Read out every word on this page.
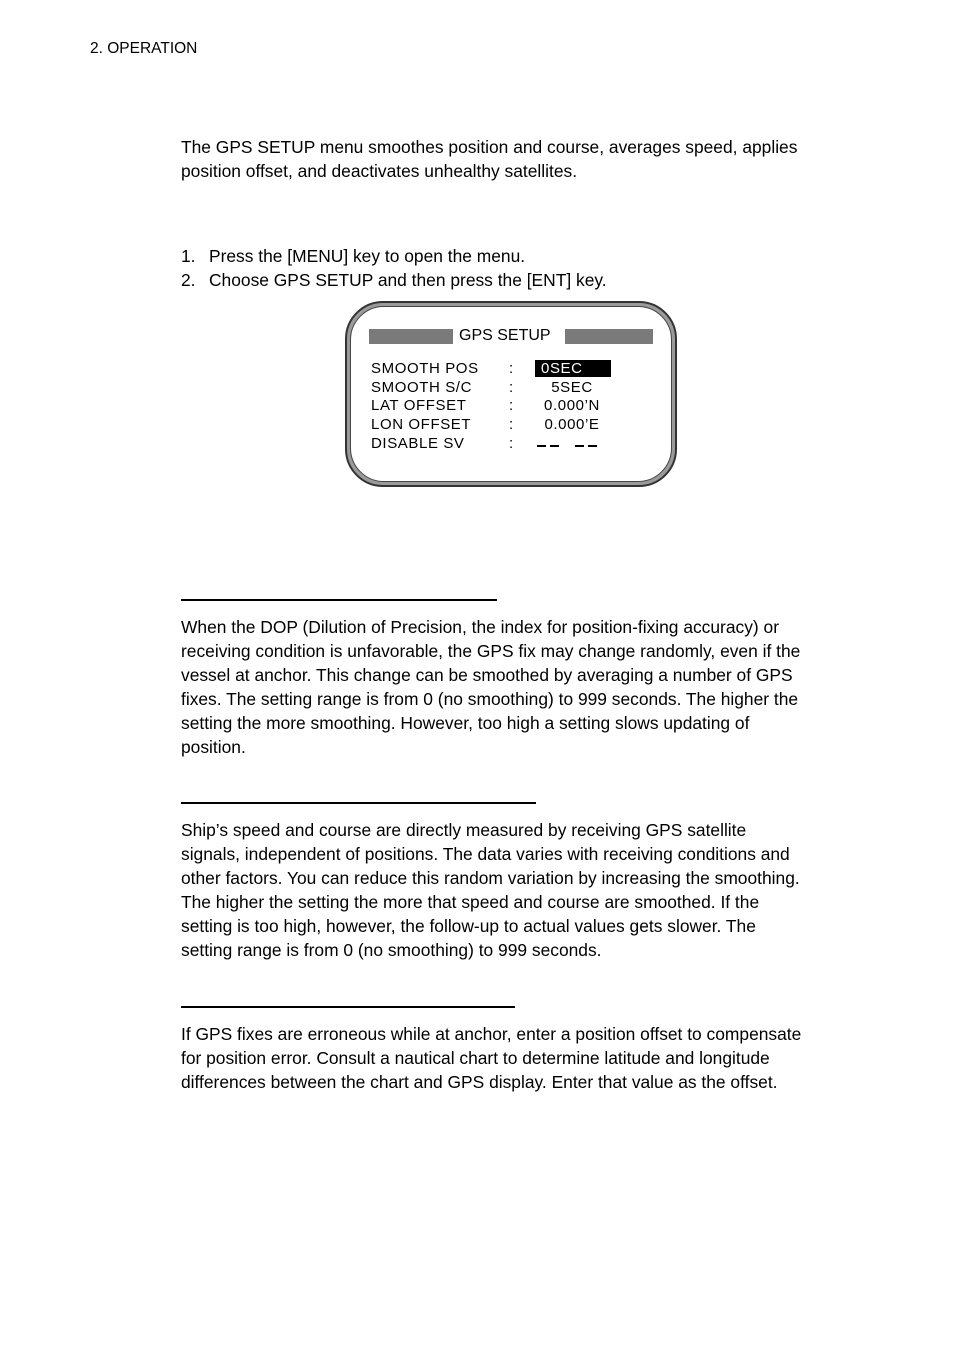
2. OPERATION

The GPS SETUP menu smoothes position and course, averages speed, applies
position offset, and deactivates unhealthy satellites.

1. Press the [MENU] key to open the menu.
2. Choose GPS SETUP and then press the [ENT] key.
GPS SETUP
SMOOTH POS	:	0SEC
SMOOTH S/C	:	5SEC
LAT OFFSET	:	0.000’N
LON OFFSET	:	0.000’E
DISABLE SV	:

When the DOP (Dilution of Precision, the index for position-fixing accuracy) or
receiving condition is unfavorable, the GPS fix may change randomly, even if the
vessel at anchor. This change can be smoothed by averaging a number of GPS
fixes. The setting range is from 0 (no smoothing) to 999 seconds. The higher the
setting the more smoothing. However, too high a setting slows updating of
position.

Ship’s speed and course are directly measured by receiving GPS satellite
signals, independent of positions. The data varies with receiving conditions and
other factors. You can reduce this random variation by increasing the smoothing.
The higher the setting the more that speed and course are smoothed. If the
setting is too high, however, the follow-up to actual values gets slower. The
setting range is from 0 (no smoothing) to 999 seconds.

If GPS fixes are erroneous while at anchor, enter a position offset to compensate
for position error. Consult a nautical chart to determine latitude and longitude
differences between the chart and GPS display. Enter that value as the offset.
